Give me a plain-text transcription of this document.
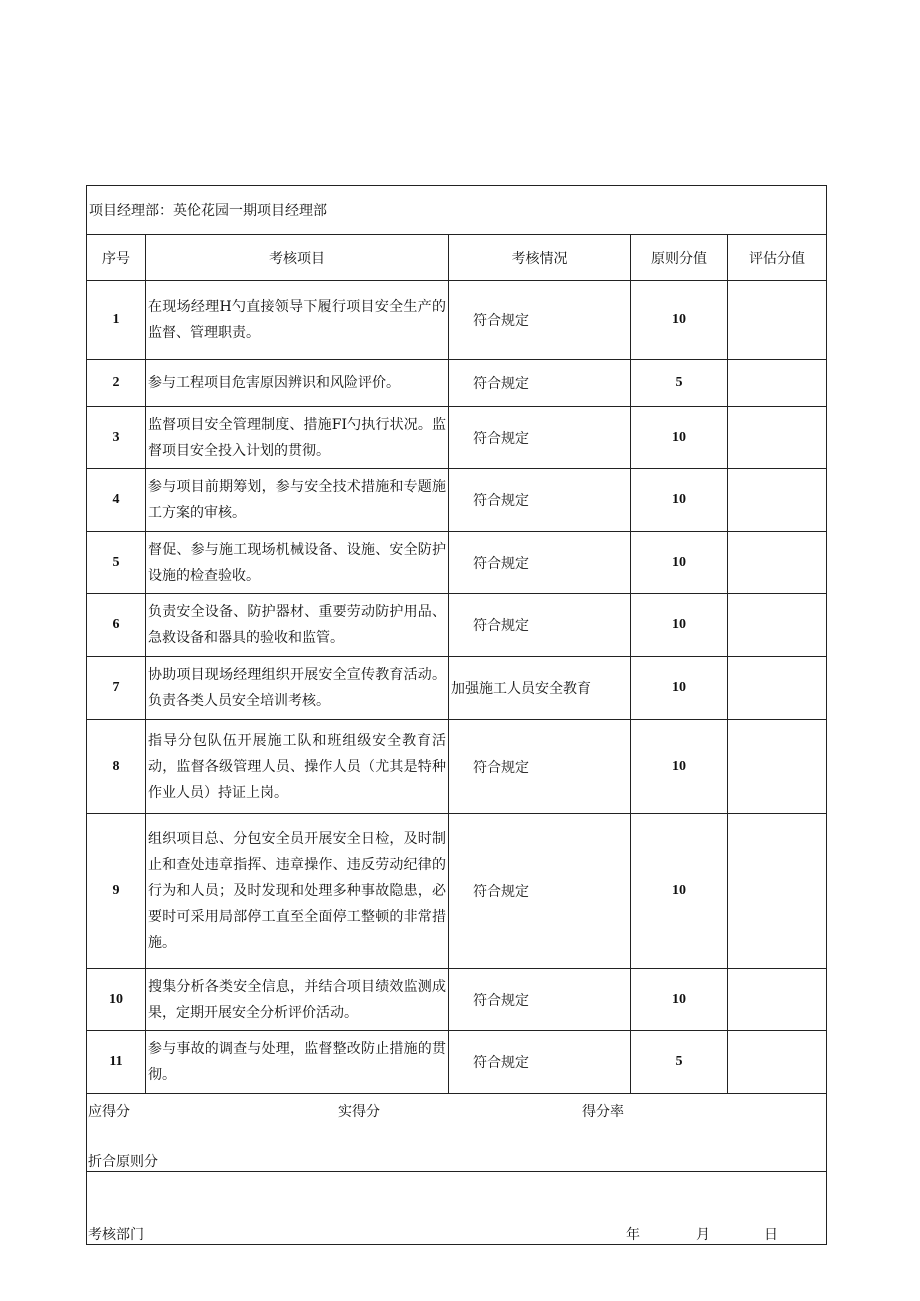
项目经理部：英伦花园一期项目经理部				
序号	考核项目	考核情况	原则分值	评估分值
1	在现场经理H勺直接领导下履行项目安全生产的监督、管理职责。	符合规定	10	
2	参与工程项目危害原因辨识和风险评价。	符合规定	5	
3	监督项目安全管理制度、措施FI勺执行状况。监督项目安全投入计划的贯彻。	符合规定	10	
4	参与项目前期筹划，参与安全技术措施和专题施工方案的审核。	符合规定	10	
5	督促、参与施工现场机械设备、设施、安全防护设施的检查验收。	符合规定	10	
6	负责安全设备、防护器材、重要劳动防护用品、急救设备和器具的验收和监管。	符合规定	10	
7	协助项目现场经理组织开展安全宣传教育活动。负责各类人员安全培训考核。	加强施工人员安全教育	10	
8	指导分包队伍开展施工队和班组级安全教育活动，监督各级管理人员、操作人员（尤其是特种作业人员）持证上岗。	符合规定	10	
9	组织项目总、分包安全员开展安全日检，及时制止和查处违章指挥、违章操作、违反劳动纪律的行为和人员；及时发现和处理多种事故隐患，必要时可采用局部停工直至全面停工整顿的非常措施。	符合规定	10	
10	搜集分析各类安全信息，并结合项目绩效监测成果，定期开展安全分析评价活动。	符合规定	10	
11	参与事故的调查与处理，监督整改防止措施的贯彻。	符合规定	5	

应得分 实得分 得分率
折合原则分				

考核部门 年 月 日				
